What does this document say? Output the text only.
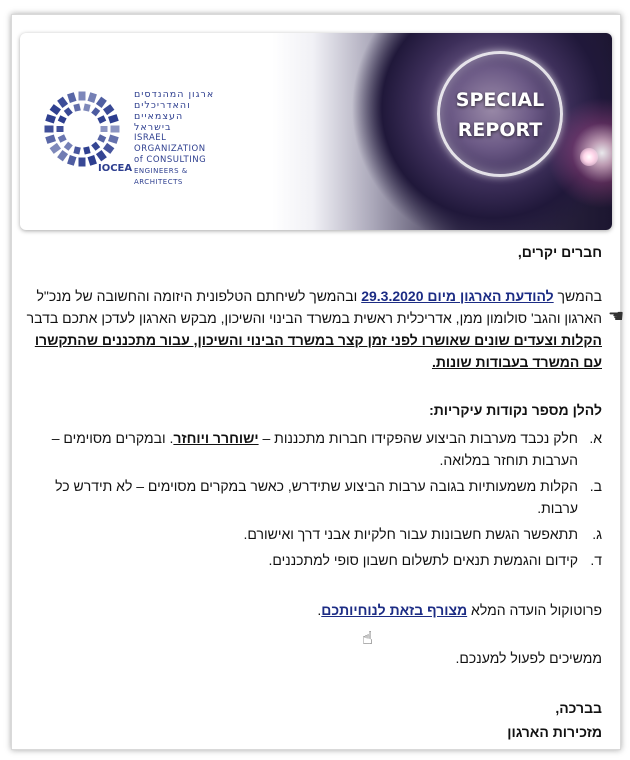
ארגון המהנדסים
והאדריכלים
העצמאיים
בישראל
ISRAEL
ORGANIZATION
of CONSULTING
ENGINEERS & ARCHITECTS
IOCEA
SPECIAL
REPORT

חברים יקרים,

בהמשך להודעת הארגון מיום 29.3.2020 ובהמשך לשיחתם הטלפונית היזומה והחשובה של מנכ"ל הארגון והגב' סולומון ממן, אדריכלית ראשית במשרד הבינוי והשיכון, מבקש הארגון לעדכן אתכם בדבר הקלות וצעדים שונים שאושרו לפני זמן קצר במשרד הבינוי והשיכון, עבור מתכננים שהתקשרו עם המשרד בעבודות שונות.

להלן מספר נקודות עיקריות:

א.
חלק נכבד מערבות הביצוע שהפקידו חברות מתכננות – ישוחרר ויוחזר. ובמקרים מסוימים – הערבות תוחזר במלואה.
ב.
הקלות משמעותיות בגובה ערבות הביצוע שתידרש, כאשר במקרים מסוימים – לא תידרש כל ערבות.
ג.
תתאפשר הגשת חשבונות עבור חלקיות אבני דרך ואישורם.
ד.
קידום והגמשת תנאים לתשלום חשבון סופי למתכננים.

פרוטוקול הועדה המלא מצורף בזאת לנוחיותכם.

ממשיכים לפעול למענכם.

בברכה,

מזכירות הארגון

☚
☝
